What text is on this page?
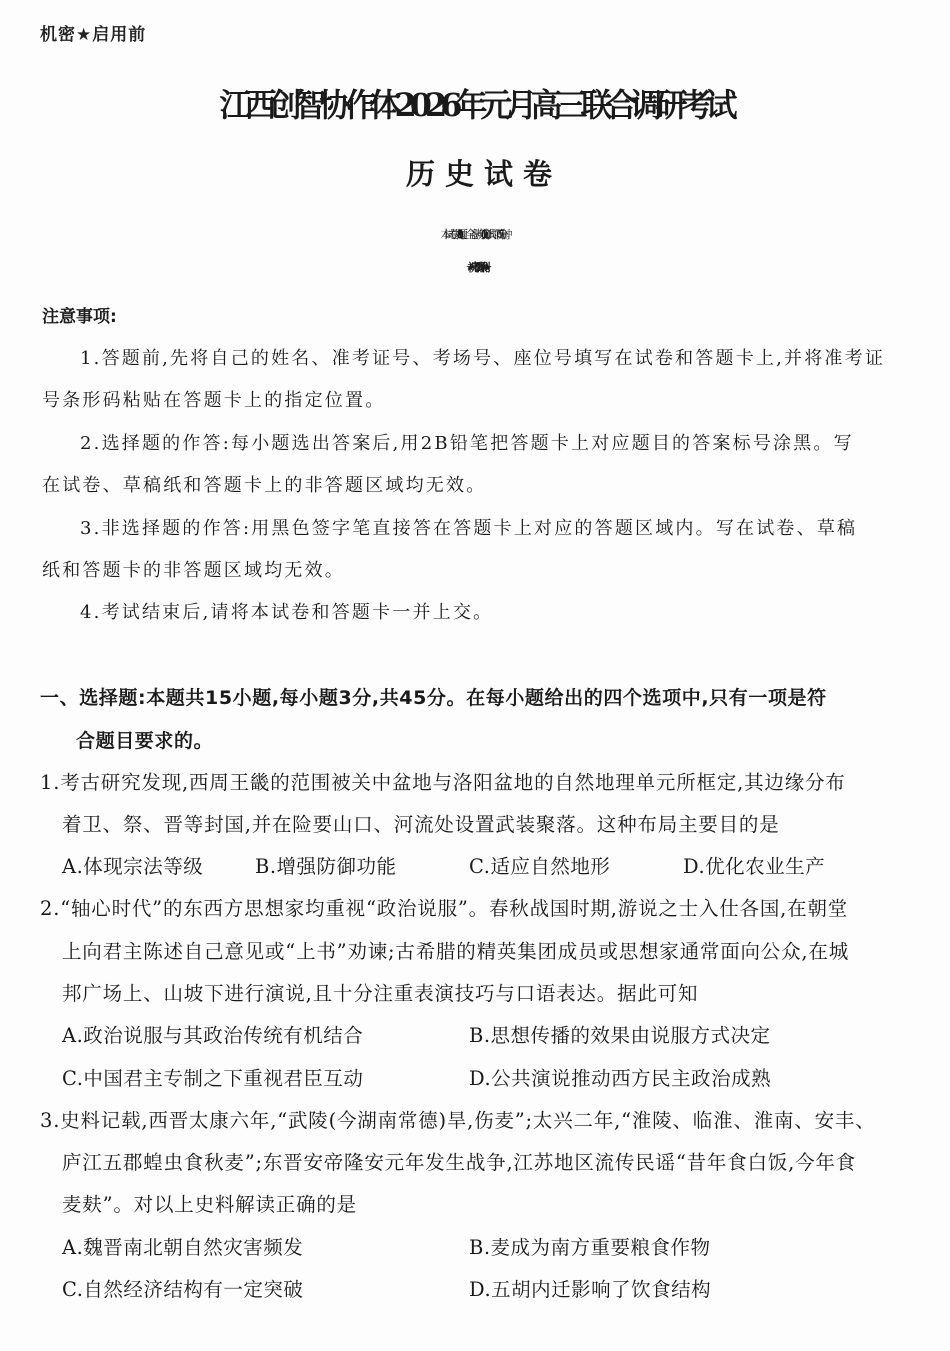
机密★启用前
江西创智协作体2026年元月高三联合调研考试
历史试卷
本试卷共8页,19题。全卷满分100分,考试时间75分钟。
★祝考试顺利★
注意事项:
1.答题前,先将自己的姓名、准考证号、考场号、座位号填写在试卷和答题卡上,并将准考证
号条形码粘贴在答题卡上的指定位置。
2.选择题的作答:每小题选出答案后,用2B铅笔把答题卡上对应题目的答案标号涂黑。写
在试卷、草稿纸和答题卡上的非答题区域均无效。
3.非选择题的作答:用黑色签字笔直接答在答题卡上对应的答题区域内。写在试卷、草稿
纸和答题卡的非答题区域均无效。
4.考试结束后,请将本试卷和答题卡一并上交。
一、选择题:本题共15小题,每小题3分,共45分。在每小题给出的四个选项中,只有一项是符
合题目要求的。
1.考古研究发现,西周王畿的范围被关中盆地与洛阳盆地的自然地理单元所框定,其边缘分布
着卫、祭、晋等封国,并在险要山口、河流处设置武装聚落。这种布局主要目的是
A.体现宗法等级	B.增强防御功能	C.适应自然地形	D.优化农业生产
2.“轴心时代”的东西方思想家均重视“政治说服”。春秋战国时期,游说之士入仕各国,在朝堂
上向君主陈述自己意见或“上书”劝谏;古希腊的精英集团成员或思想家通常面向公众,在城
邦广场上、山坡下进行演说,且十分注重表演技巧与口语表达。据此可知
A.政治说服与其政治传统有机结合	B.思想传播的效果由说服方式决定
C.中国君主专制之下重视君臣互动	D.公共演说推动西方民主政治成熟
3.史料记载,西晋太康六年,“武陵(今湖南常德)旱,伤麦”;太兴二年,“淮陵、临淮、淮南、安丰、
庐江五郡蝗虫食秋麦”;东晋安帝隆安元年发生战争,江苏地区流传民谣“昔年食白饭,今年食
麦麸”。对以上史料解读正确的是
A.魏晋南北朝自然灾害频发	B.麦成为南方重要粮食作物
C.自然经济结构有一定突破	D.五胡内迁影响了饮食结构
